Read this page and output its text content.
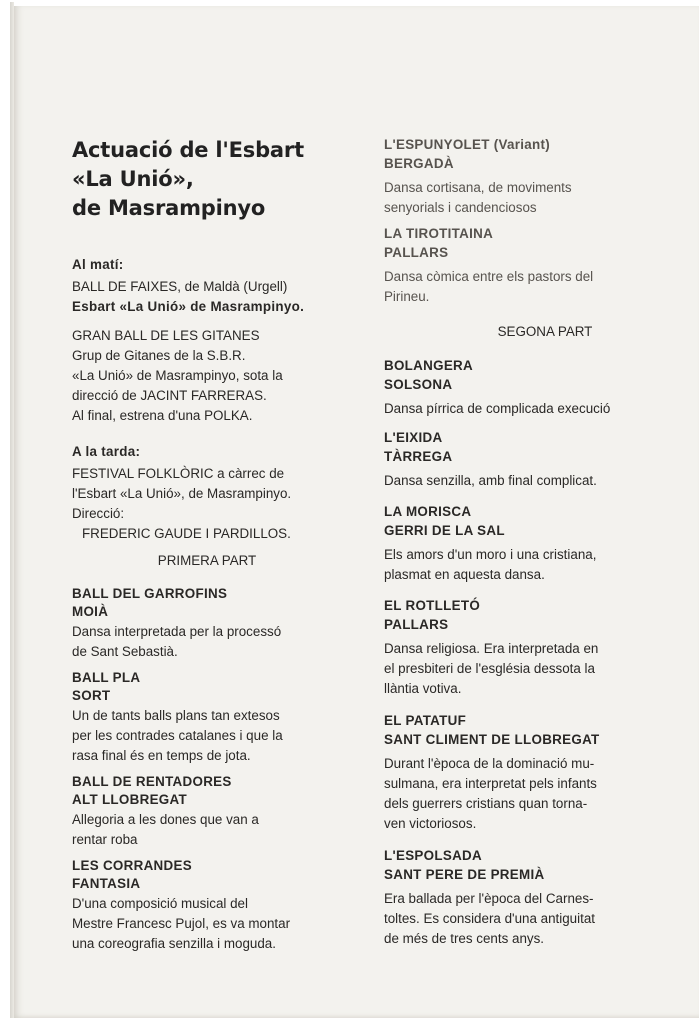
Actuació de l'Esbart
«La Unió»,
de Masrampinyo
Al matí:
BALL DE FAIXES, de Maldà (Urgell)
Esbart «La Unió» de Masrampinyo.
GRAN BALL DE LES GITANES
Grup de Gitanes de la S.B.R.
«La Unió» de Masrampinyo, sota la
direcció de JACINT FARRERAS.
Al final, estrena d'una POLKA.
A la tarda:
FESTIVAL FOLKLÒRIC a càrrec de
l'Esbart «La Unió», de Masrampinyo.
Direcció:
FREDERIC GAUDE I PARDILLOS.
PRIMERA PART
BALL DEL GARROFINS
MOIÀ
Dansa interpretada per la processó
de Sant Sebastià.
BALL PLA
SORT
Un de tants balls plans tan extesos
per les contrades catalanes i que la
rasa final és en temps de jota.
BALL DE RENTADORES
ALT LLOBREGAT
Allegoria a les dones que van a
rentar roba
LES CORRANDES
FANTASIA
D'una composició musical del
Mestre Francesc Pujol, es va montar
una coreografia senzilla i moguda.
L'ESPUNYOLET (Variant)
BERGADÀ
Dansa cortisana, de moviments
senyorials i candenciosos
LA TIROTITAINA
PALLARS
Dansa còmica entre els pastors del
Pirineu.
SEGONA PART
BOLANGERA
SOLSONA
Dansa pírrica de complicada execució
L'EIXIDA
TÀRREGA
Dansa senzilla, amb final complicat.
LA MORISCA
GERRI DE LA SAL
Els amors d'un moro i una cristiana,
plasmat en aquesta dansa.
EL ROTLLETÓ
PALLARS
Dansa religiosa. Era interpretada en
el presbiteri de l'església dessota la
llàntia votiva.
EL PATATUF
SANT CLIMENT DE LLOBREGAT
Durant l'època de la dominació mu-
sulmana, era interpretat pels infants
dels guerrers cristians quan torna-
ven victoriosos.
L'ESPOLSADA
SANT PERE DE PREMIÀ
Era ballada per l'època del Carnes-
toltes. Es considera d'una antiguitat
de més de tres cents anys.
